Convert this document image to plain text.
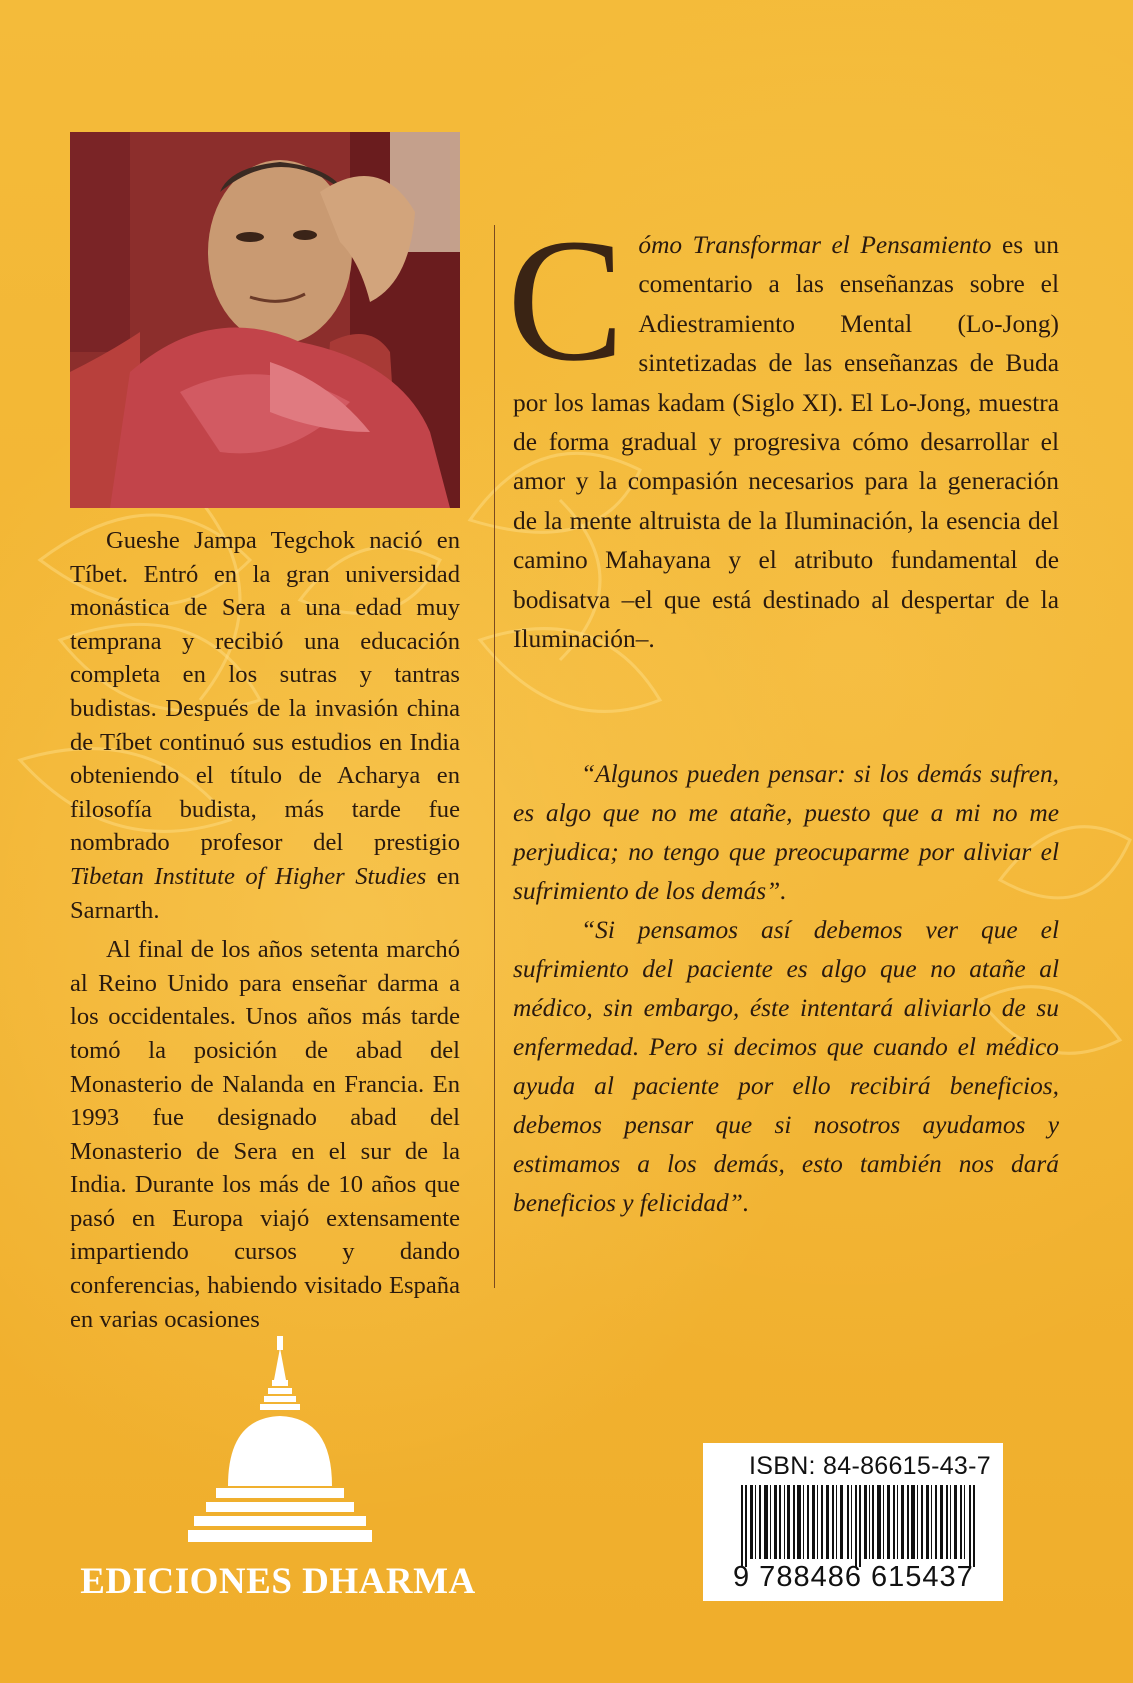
Gueshe Jampa Tegchok nació en Tíbet. Entró en la gran universidad monástica de Sera a una edad muy temprana y recibió una educación completa en los sutras y tantras budistas. Después de la invasión china de Tíbet continuó sus estudios en India obteniendo el título de Acharya en filosofía budista, más tarde fue nombrado profesor del prestigio Tibetan Institute of Higher Studies en Sarnarth.

Al final de los años setenta marchó al Reino Unido para enseñar darma a los occidentales. Unos años más tarde tomó la posición de abad del Monasterio de Nalanda en Francia. En 1993 fue designado abad del Monasterio de Sera en el sur de la India. Durante los más de 10 años que pasó en Europa viajó extensamente impartiendo cursos y dando conferencias, habiendo visitado España en varias ocasiones

Cómo Transformar el Pensamiento es un comentario a las enseñanzas sobre el Adiestramiento Mental (Lo-Jong) sintetizadas de las enseñanzas de Buda por los lamas kadam (Siglo XI). El Lo-Jong, muestra de forma gradual y progresiva cómo desarrollar el amor y la compasión necesarios para la generación de la mente altruista de la Iluminación, la esencia del camino Mahayana y el atributo fundamental de bodisatva –el que está destinado al despertar de la Iluminación–.

“Algunos pueden pensar: si los demás sufren, es algo que no me atañe, puesto que a mi no me perjudica; no tengo que preocuparme por aliviar el sufrimiento de los demás”.

“Si pensamos así debemos ver que el sufrimiento del paciente es algo que no atañe al médico, sin embargo, éste intentará aliviarlo de su enfermedad. Pero si decimos que cuando el médico ayuda al paciente por ello recibirá beneficios, debemos pensar que si nosotros ayudamos y estimamos a los demás, esto también nos dará beneficios y felicidad”.

EDICIONES DHARMA
ISBN: 84-86615-43-7
9 788486 615437
